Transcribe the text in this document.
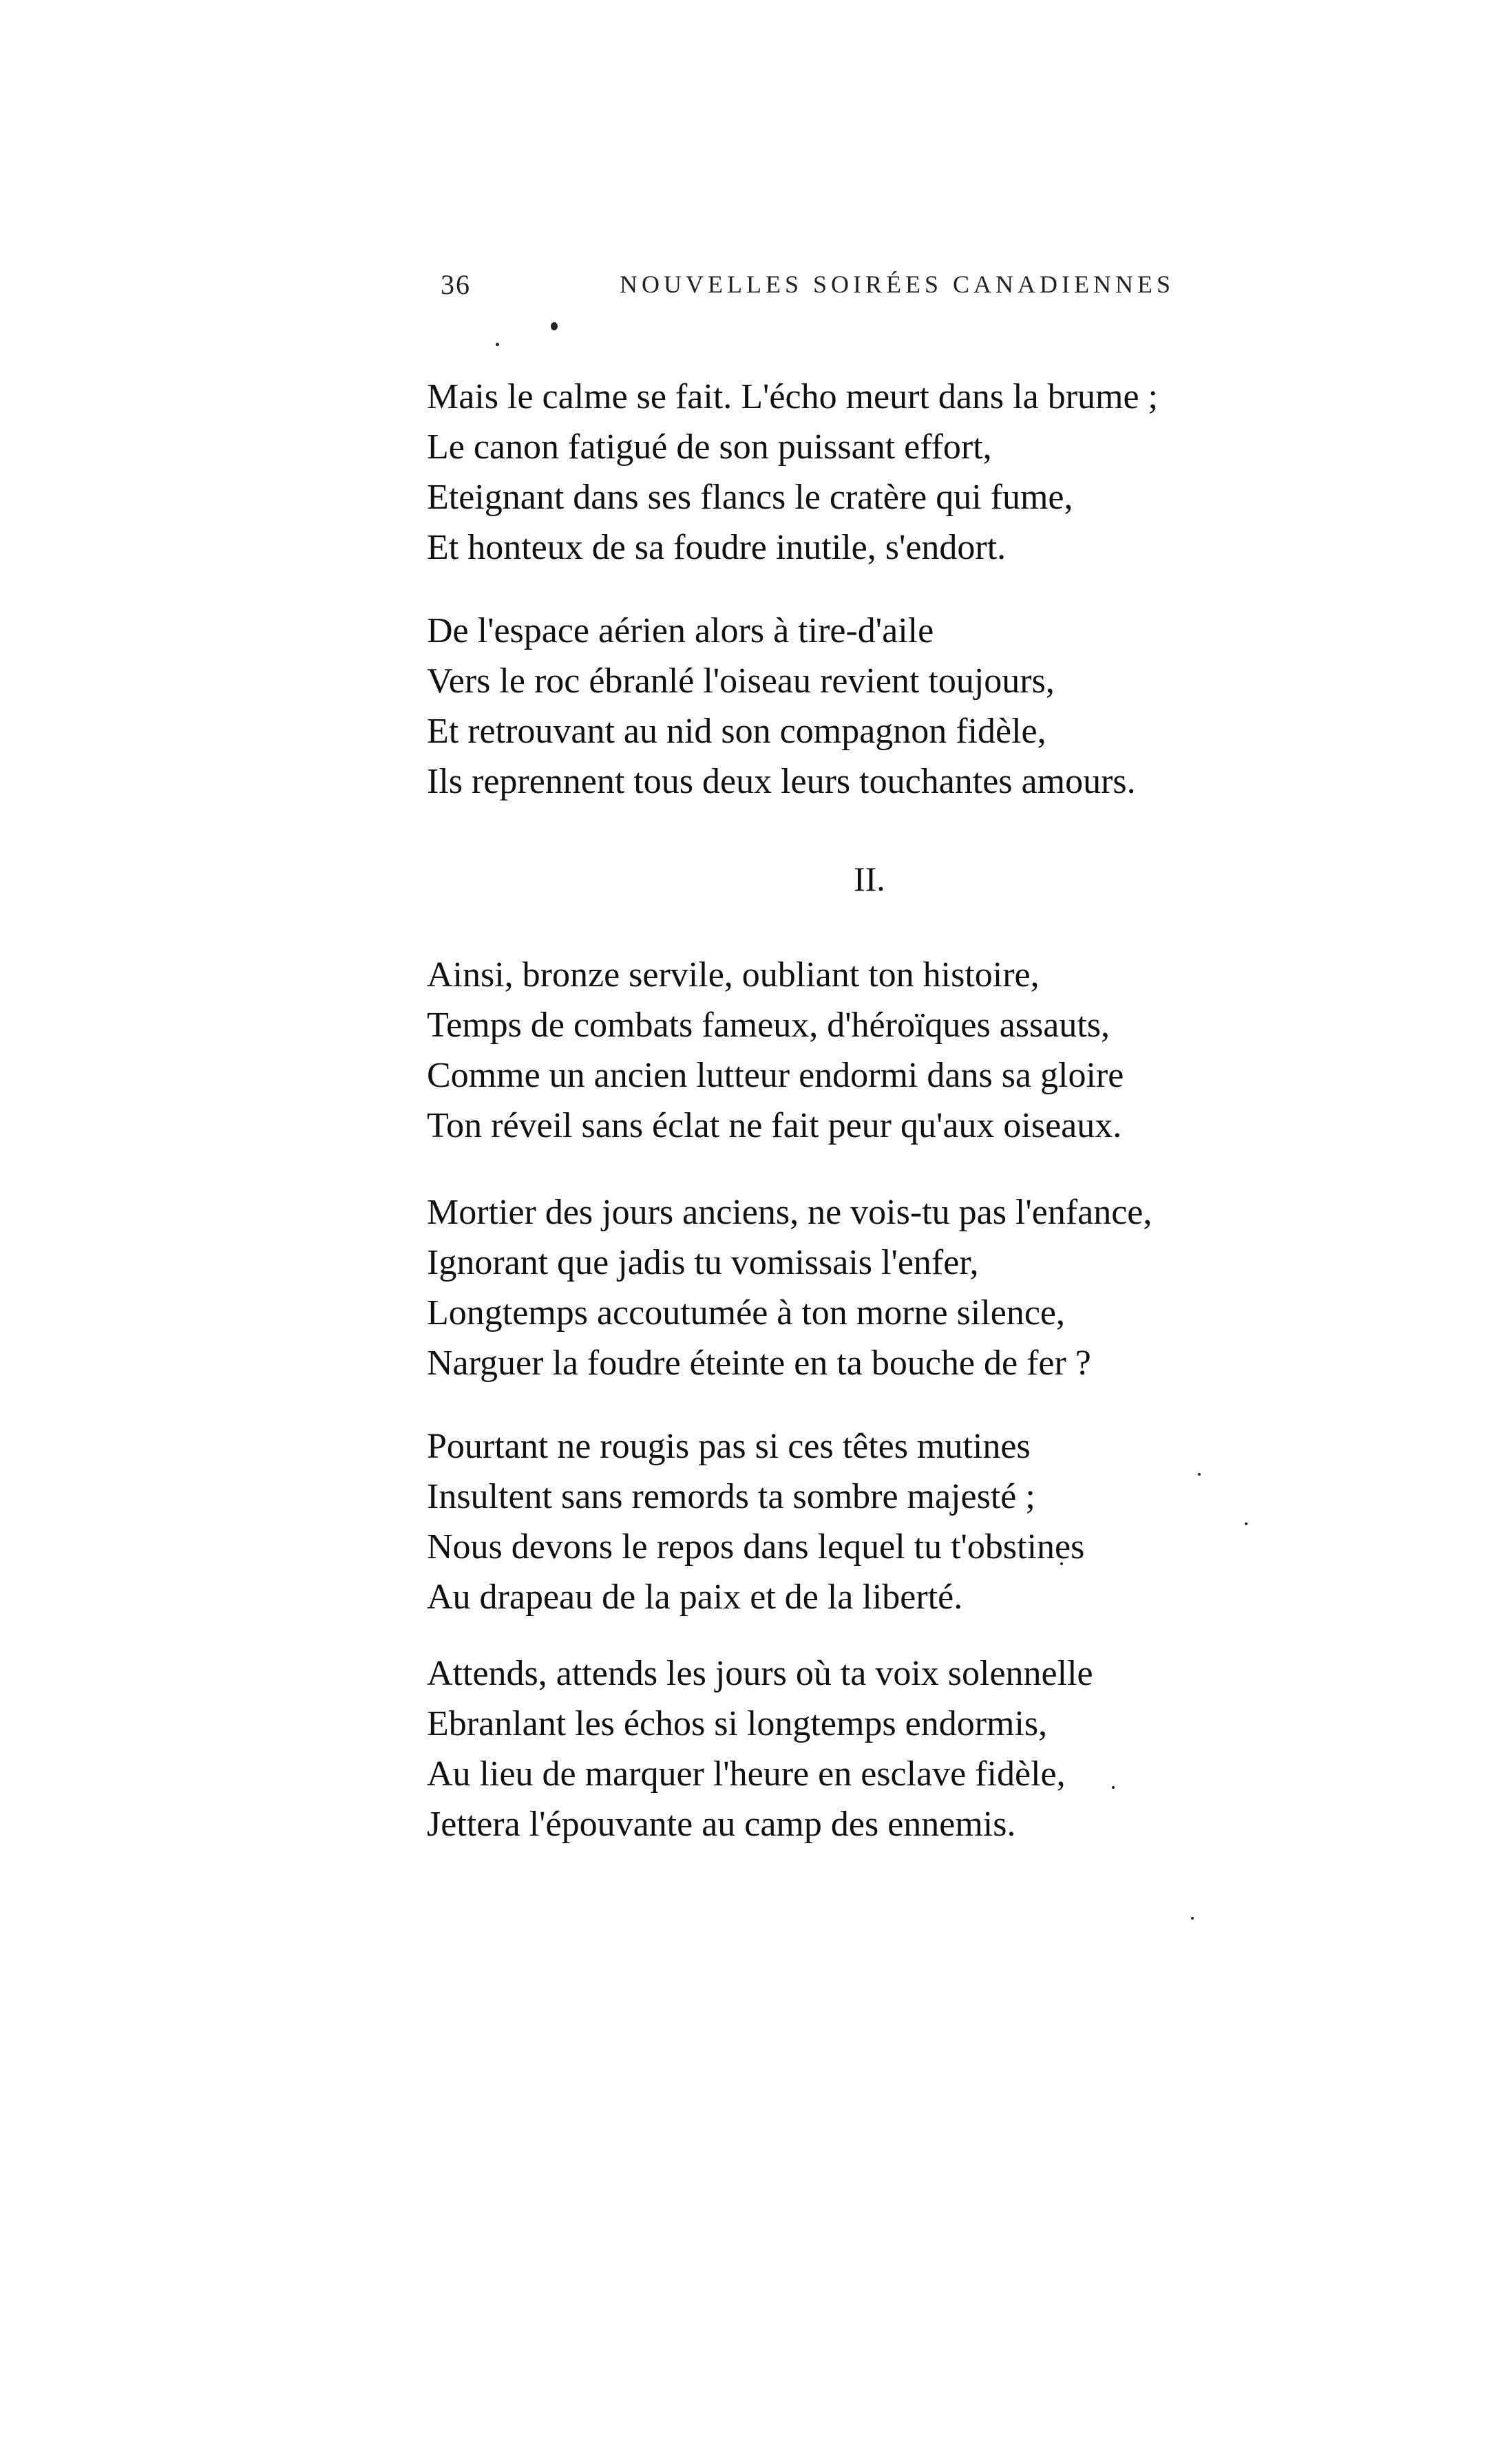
36	NOUVELLES SOIRÉES CANADIENNES
Mais le calme se fait. L'écho meurt dans la brume ;
Le canon fatigué de son puissant effort,
Eteignant dans ses flancs le cratère qui fume,
Et honteux de sa foudre inutile, s'endort.
De l'espace aérien alors à tire-d'aile
Vers le roc ébranlé l'oiseau revient toujours,
Et retrouvant au nid son compagnon fidèle,
Ils reprennent tous deux leurs touchantes amours.
Ainsi, bronze servile, oubliant ton histoire,
Temps de combats fameux, d'héroïques assauts,
Comme un ancien lutteur endormi dans sa gloire
Ton réveil sans éclat ne fait peur qu'aux oiseaux.
Mortier des jours anciens, ne vois-tu pas l'enfance,
Ignorant que jadis tu vomissais l'enfer,
Longtemps accoutumée à ton morne silence,
Narguer la foudre éteinte en ta bouche de fer ?
Pourtant ne rougis pas si ces têtes mutines
Insultent sans remords ta sombre majesté ;
Nous devons le repos dans lequel tu t'obstines
Au drapeau de la paix et de la liberté.
Attends, attends les jours où ta voix solennelle
Ebranlant les échos si longtemps endormis,
Au lieu de marquer l'heure en esclave fidèle,
Jettera l'épouvante au camp des ennemis.
II.
